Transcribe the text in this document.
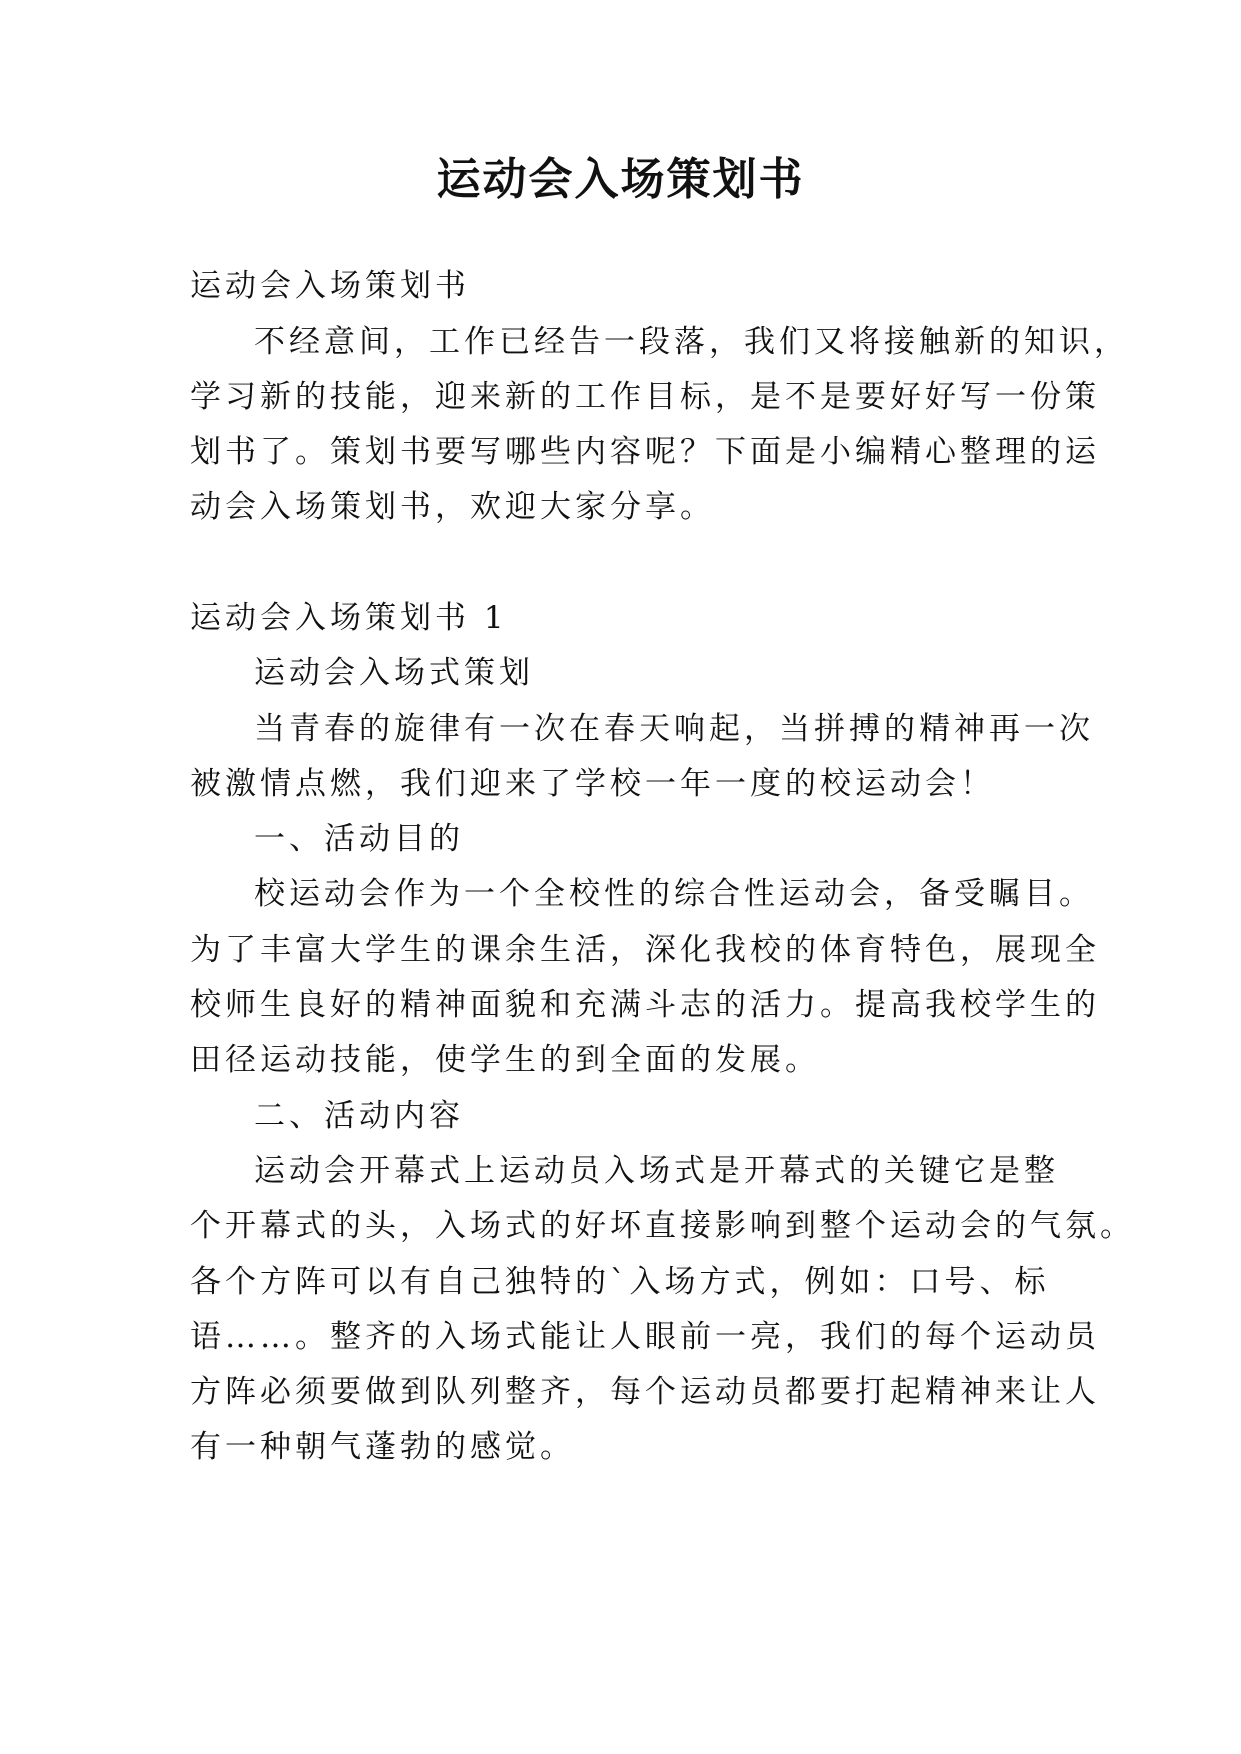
运动会入场策划书

运动会入场策划书

不经意间，工作已经告一段落，我们又将接触新的知识，

学习新的技能，迎来新的工作目标，是不是要好好写一份策

划书了。策划书要写哪些内容呢？下面是小编精心整理的运

动会入场策划书，欢迎大家分享。

运动会入场策划书 1

运动会入场式策划

当青春的旋律有一次在春天响起，当拼搏的精神再一次

被激情点燃，我们迎来了学校一年一度的校运动会！

一、活动目的

校运动会作为一个全校性的综合性运动会，备受瞩目。

为了丰富大学生的课余生活，深化我校的体育特色，展现全

校师生良好的精神面貌和充满斗志的活力。提高我校学生的

田径运动技能，使学生的到全面的发展。

二、活动内容

运动会开幕式上运动员入场式是开幕式的关键它是整

个开幕式的头，入场式的好坏直接影响到整个运动会的气氛。

各个方阵可以有自己独特的`入场方式，例如：口号、标

语……。整齐的入场式能让人眼前一亮，我们的每个运动员

方阵必须要做到队列整齐，每个运动员都要打起精神来让人

有一种朝气蓬勃的感觉。
